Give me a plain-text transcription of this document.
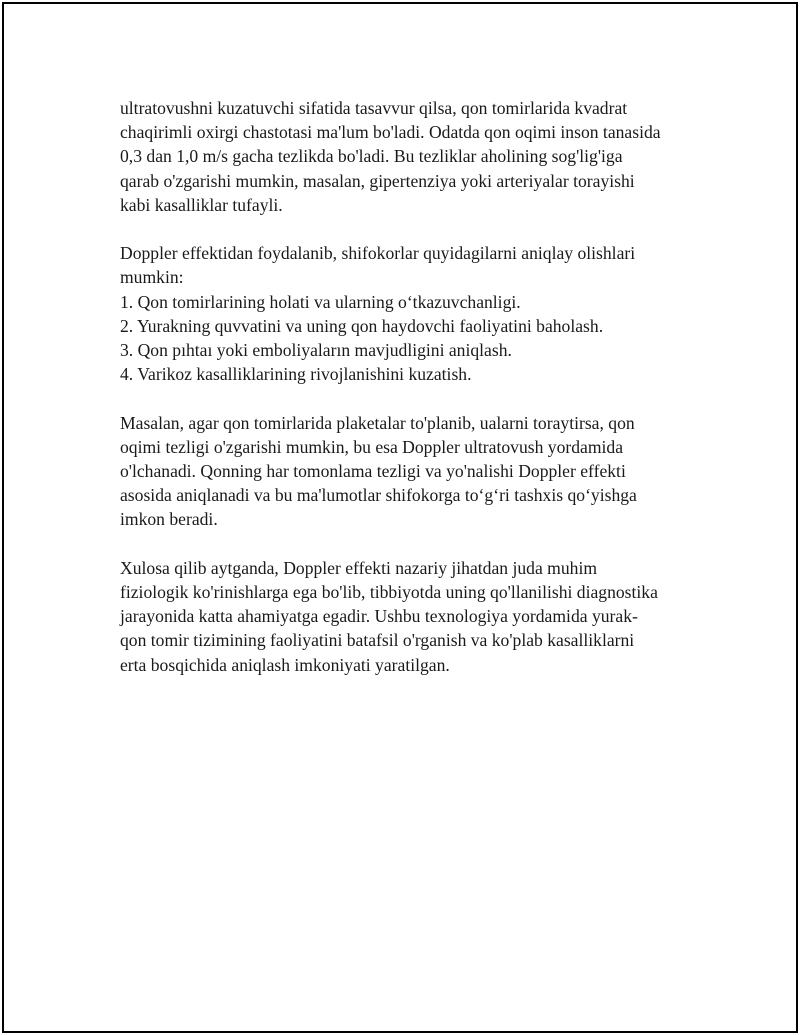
ultratovushni kuzatuvchi sifatida tasavvur qilsa, qon tomirlarida kvadrat
chaqirimli oxirgi chastotasi ma'lum bo'ladi. Odatda qon oqimi inson tanasida
0,3 dan 1,0 m/s gacha tezlikda bo'ladi. Bu tezliklar aholining sog'lig'iga
qarab o'zgarishi mumkin, masalan, gipertenziya yoki arteriyalar torayishi
kabi kasalliklar tufayli.

Doppler effektidan foydalanib, shifokorlar quyidagilarni aniqlay olishlari
mumkin:
1. Qon tomirlarining holati va ularning o‘tkazuvchanligi.
2. Yurakning quvvatini va uning qon haydovchi faoliyatini baholash.
3. Qon pıhtaı yoki emboliyaların mavjudligini aniqlash.
4. Varikoz kasalliklarining rivojlanishini kuzatish.

Masalan, agar qon tomirlarida plaketalar to'planib, ualarni toraytirsa, qon
oqimi tezligi o'zgarishi mumkin, bu esa Doppler ultratovush yordamida
o'lchanadi. Qonning har tomonlama tezligi va yo'nalishi Doppler effekti
asosida aniqlanadi va bu ma'lumotlar shifokorga to‘g‘ri tashxis qo‘yishga
imkon beradi.

Xulosa qilib aytganda, Doppler effekti nazariy jihatdan juda muhim
fiziologik ko'rinishlarga ega bo'lib, tibbiyotda uning qo'llanilishi diagnostika
jarayonida katta ahamiyatga egadir. Ushbu texnologiya yordamida yurak-
qon tomir tizimining faoliyatini batafsil o'rganish va ko'plab kasalliklarni
erta bosqichida aniqlash imkoniyati yaratilgan.
